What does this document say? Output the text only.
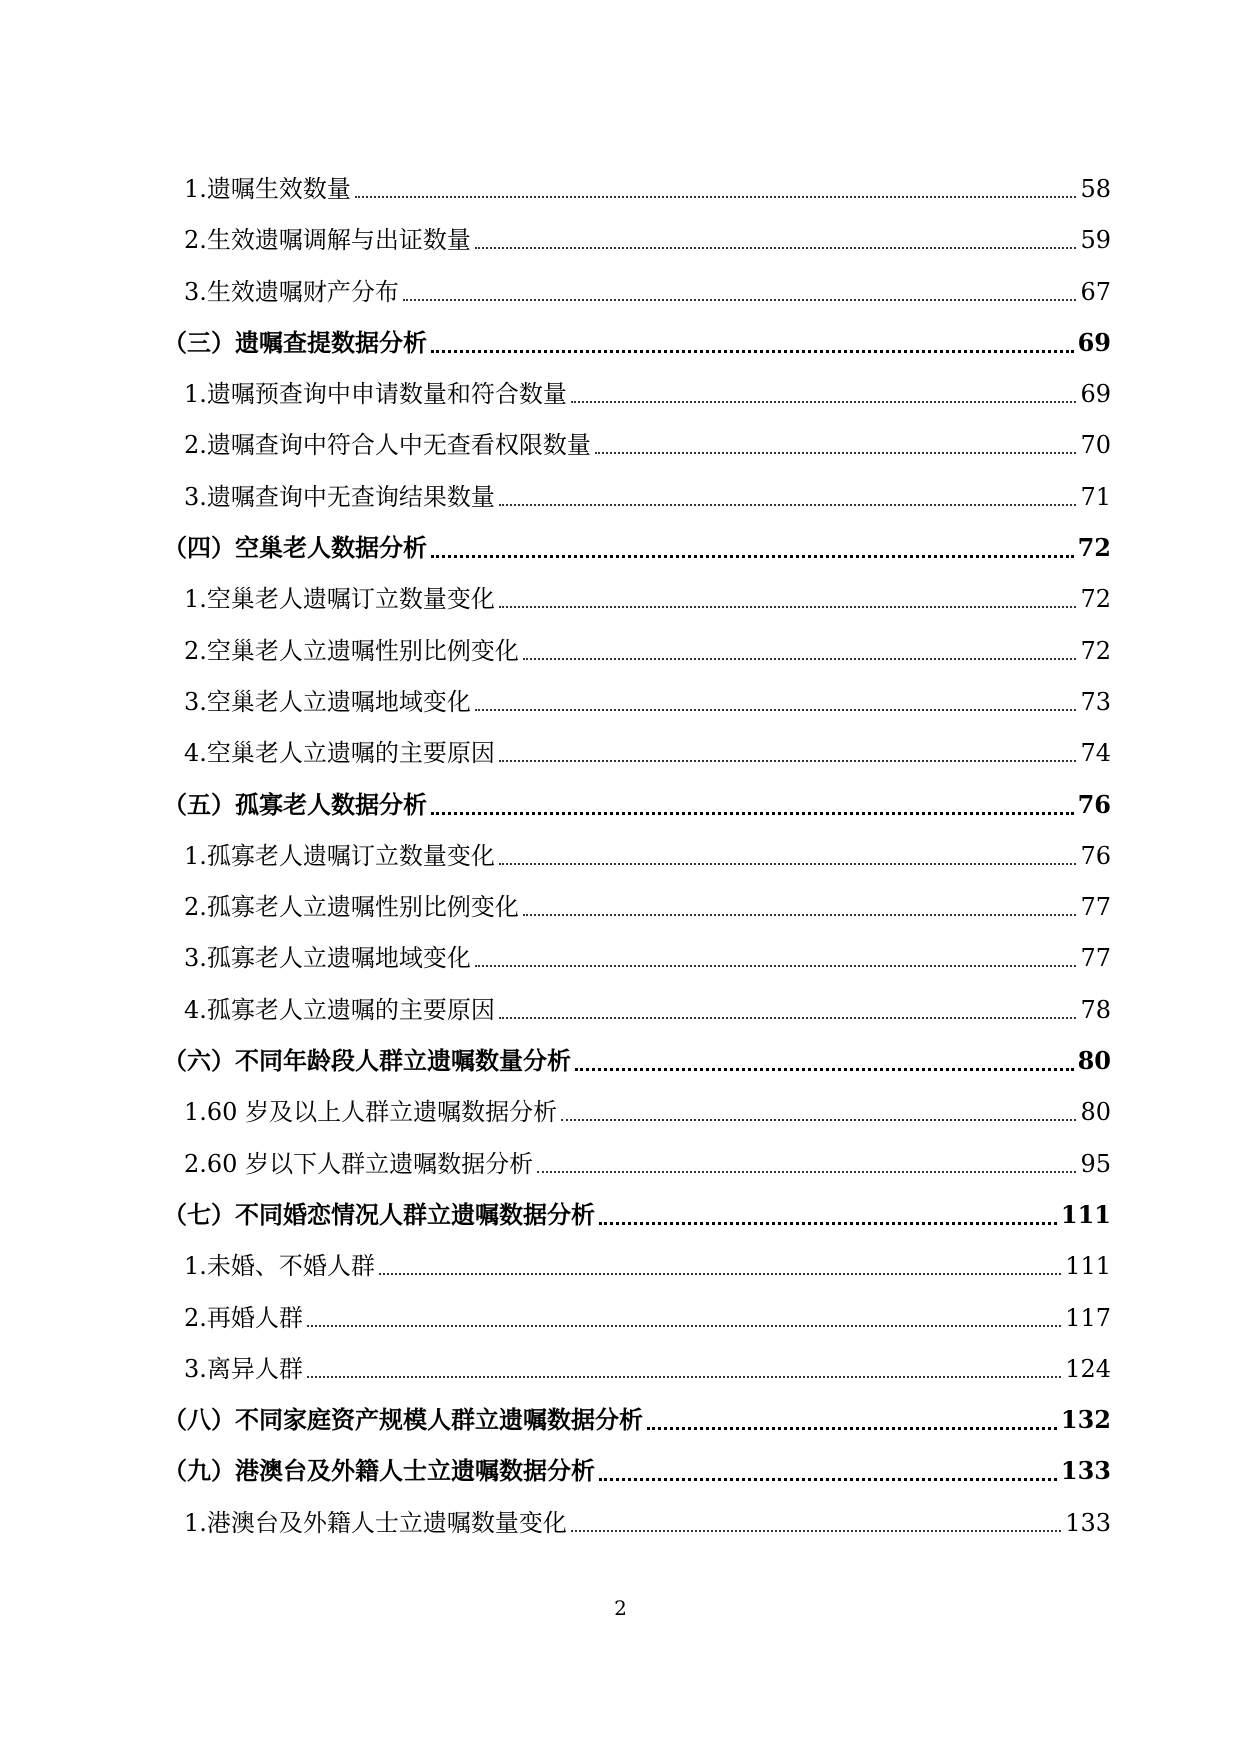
1.遗嘱生效数量	58
2.生效遗嘱调解与出证数量	59
3.生效遗嘱财产分布	67
（三）遗嘱查提数据分析	69
1.遗嘱预查询中申请数量和符合数量	69
2.遗嘱查询中符合人中无查看权限数量	70
3.遗嘱查询中无查询结果数量	71
（四）空巢老人数据分析	72
1.空巢老人遗嘱订立数量变化	72
2.空巢老人立遗嘱性别比例变化	72
3.空巢老人立遗嘱地域变化	73
4.空巢老人立遗嘱的主要原因	74
（五）孤寡老人数据分析	76
1.孤寡老人遗嘱订立数量变化	76
2.孤寡老人立遗嘱性别比例变化	77
3.孤寡老人立遗嘱地域变化	77
4.孤寡老人立遗嘱的主要原因	78
（六）不同年龄段人群立遗嘱数量分析	80
1.60 岁及以上人群立遗嘱数据分析	80
2.60 岁以下人群立遗嘱数据分析	95
（七）不同婚恋情况人群立遗嘱数据分析	111
1.未婚、不婚人群	111
2.再婚人群	117
3.离异人群	124
（八）不同家庭资产规模人群立遗嘱数据分析	132
（九）港澳台及外籍人士立遗嘱数据分析	133
1.港澳台及外籍人士立遗嘱数量变化	133
2
